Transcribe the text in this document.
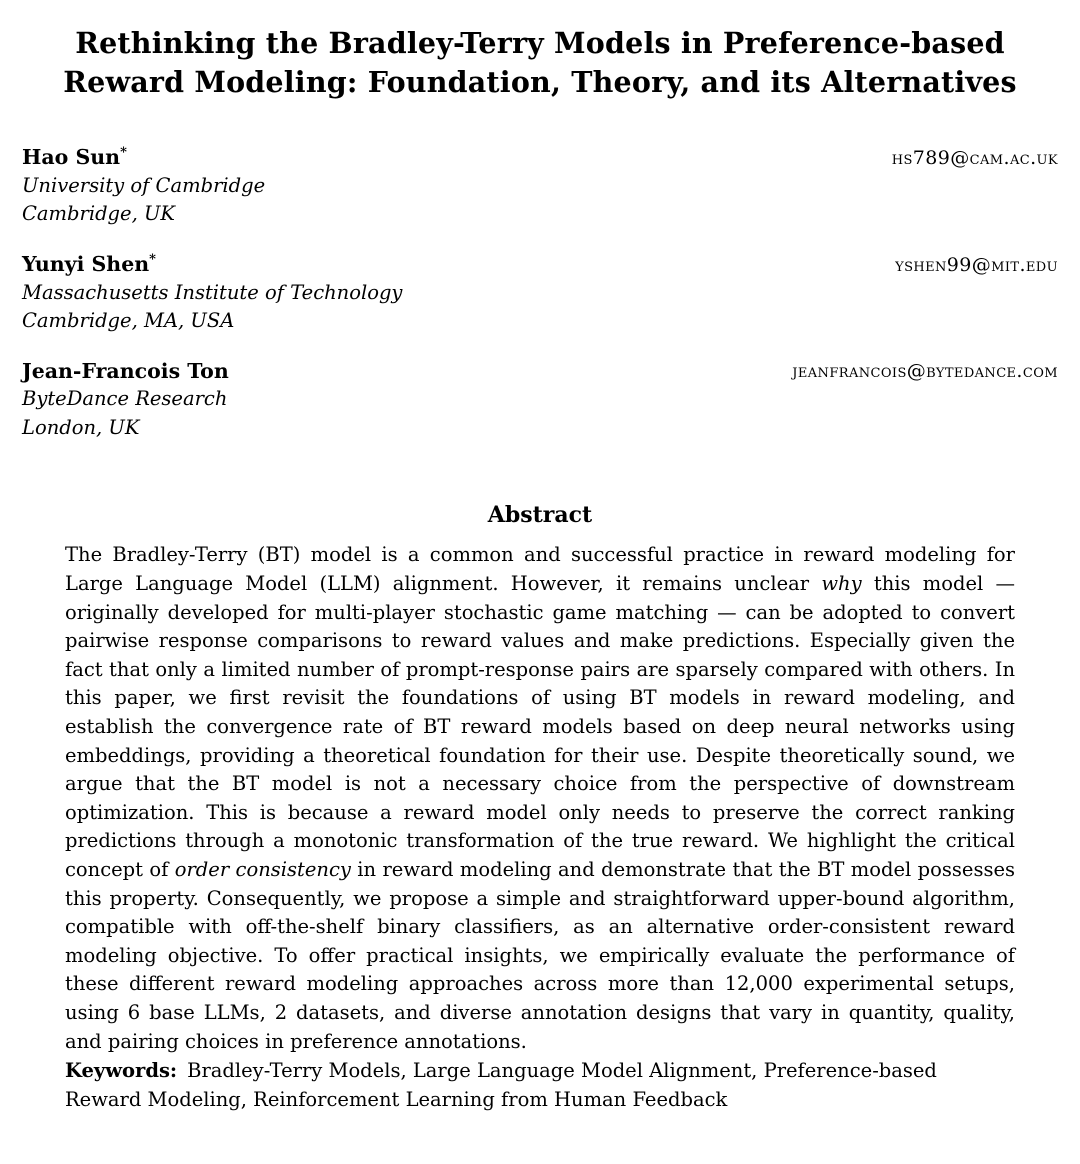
Rethinking the Bradley-Terry Models in Preference-based
Reward Modeling: Foundation, Theory, and its Alternatives
Hao Sun*	hs789@cam.ac.uk
University of Cambridge
Cambridge, UK
Yunyi Shen*	yshen99@mit.edu
Massachusetts Institute of Technology
Cambridge, MA, USA
Jean-Francois Ton	jeanfrancois@bytedance.com
ByteDance Research
London, UK
Abstract

The Bradley-Terry (BT) model is a common and successful practice in reward modeling for Large Language Model (LLM) alignment. However, it remains unclear why this model — originally developed for multi-player stochastic game matching — can be adopted to convert pairwise response comparisons to reward values and make predictions. Especially given the fact that only a limited number of prompt-response pairs are sparsely compared with others. In this paper, we first revisit the foundations of using BT models in reward modeling, and establish the convergence rate of BT reward models based on deep neural networks using embeddings, providing a theoretical foundation for their use. Despite theoretically sound, we argue that the BT model is not a necessary choice from the perspective of downstream optimization. This is because a reward model only needs to preserve the correct ranking predictions through a monotonic transformation of the true reward. We highlight the critical concept of order consistency in reward modeling and demonstrate that the BT model possesses this property. Consequently, we propose a simple and straightforward upper-bound algorithm, compatible with off-the-shelf binary classifiers, as an alternative order-consistent reward modeling objective. To offer practical insights, we empirically evaluate the performance of these different reward modeling approaches across more than 12,000 experimental setups, using 6 base LLMs, 2 datasets, and diverse annotation designs that vary in quantity, quality, and pairing choices in preference annotations.

Keywords: Bradley-Terry Models, Large Language Model Alignment, Preference-based Reward Modeling, Reinforcement Learning from Human Feedback
